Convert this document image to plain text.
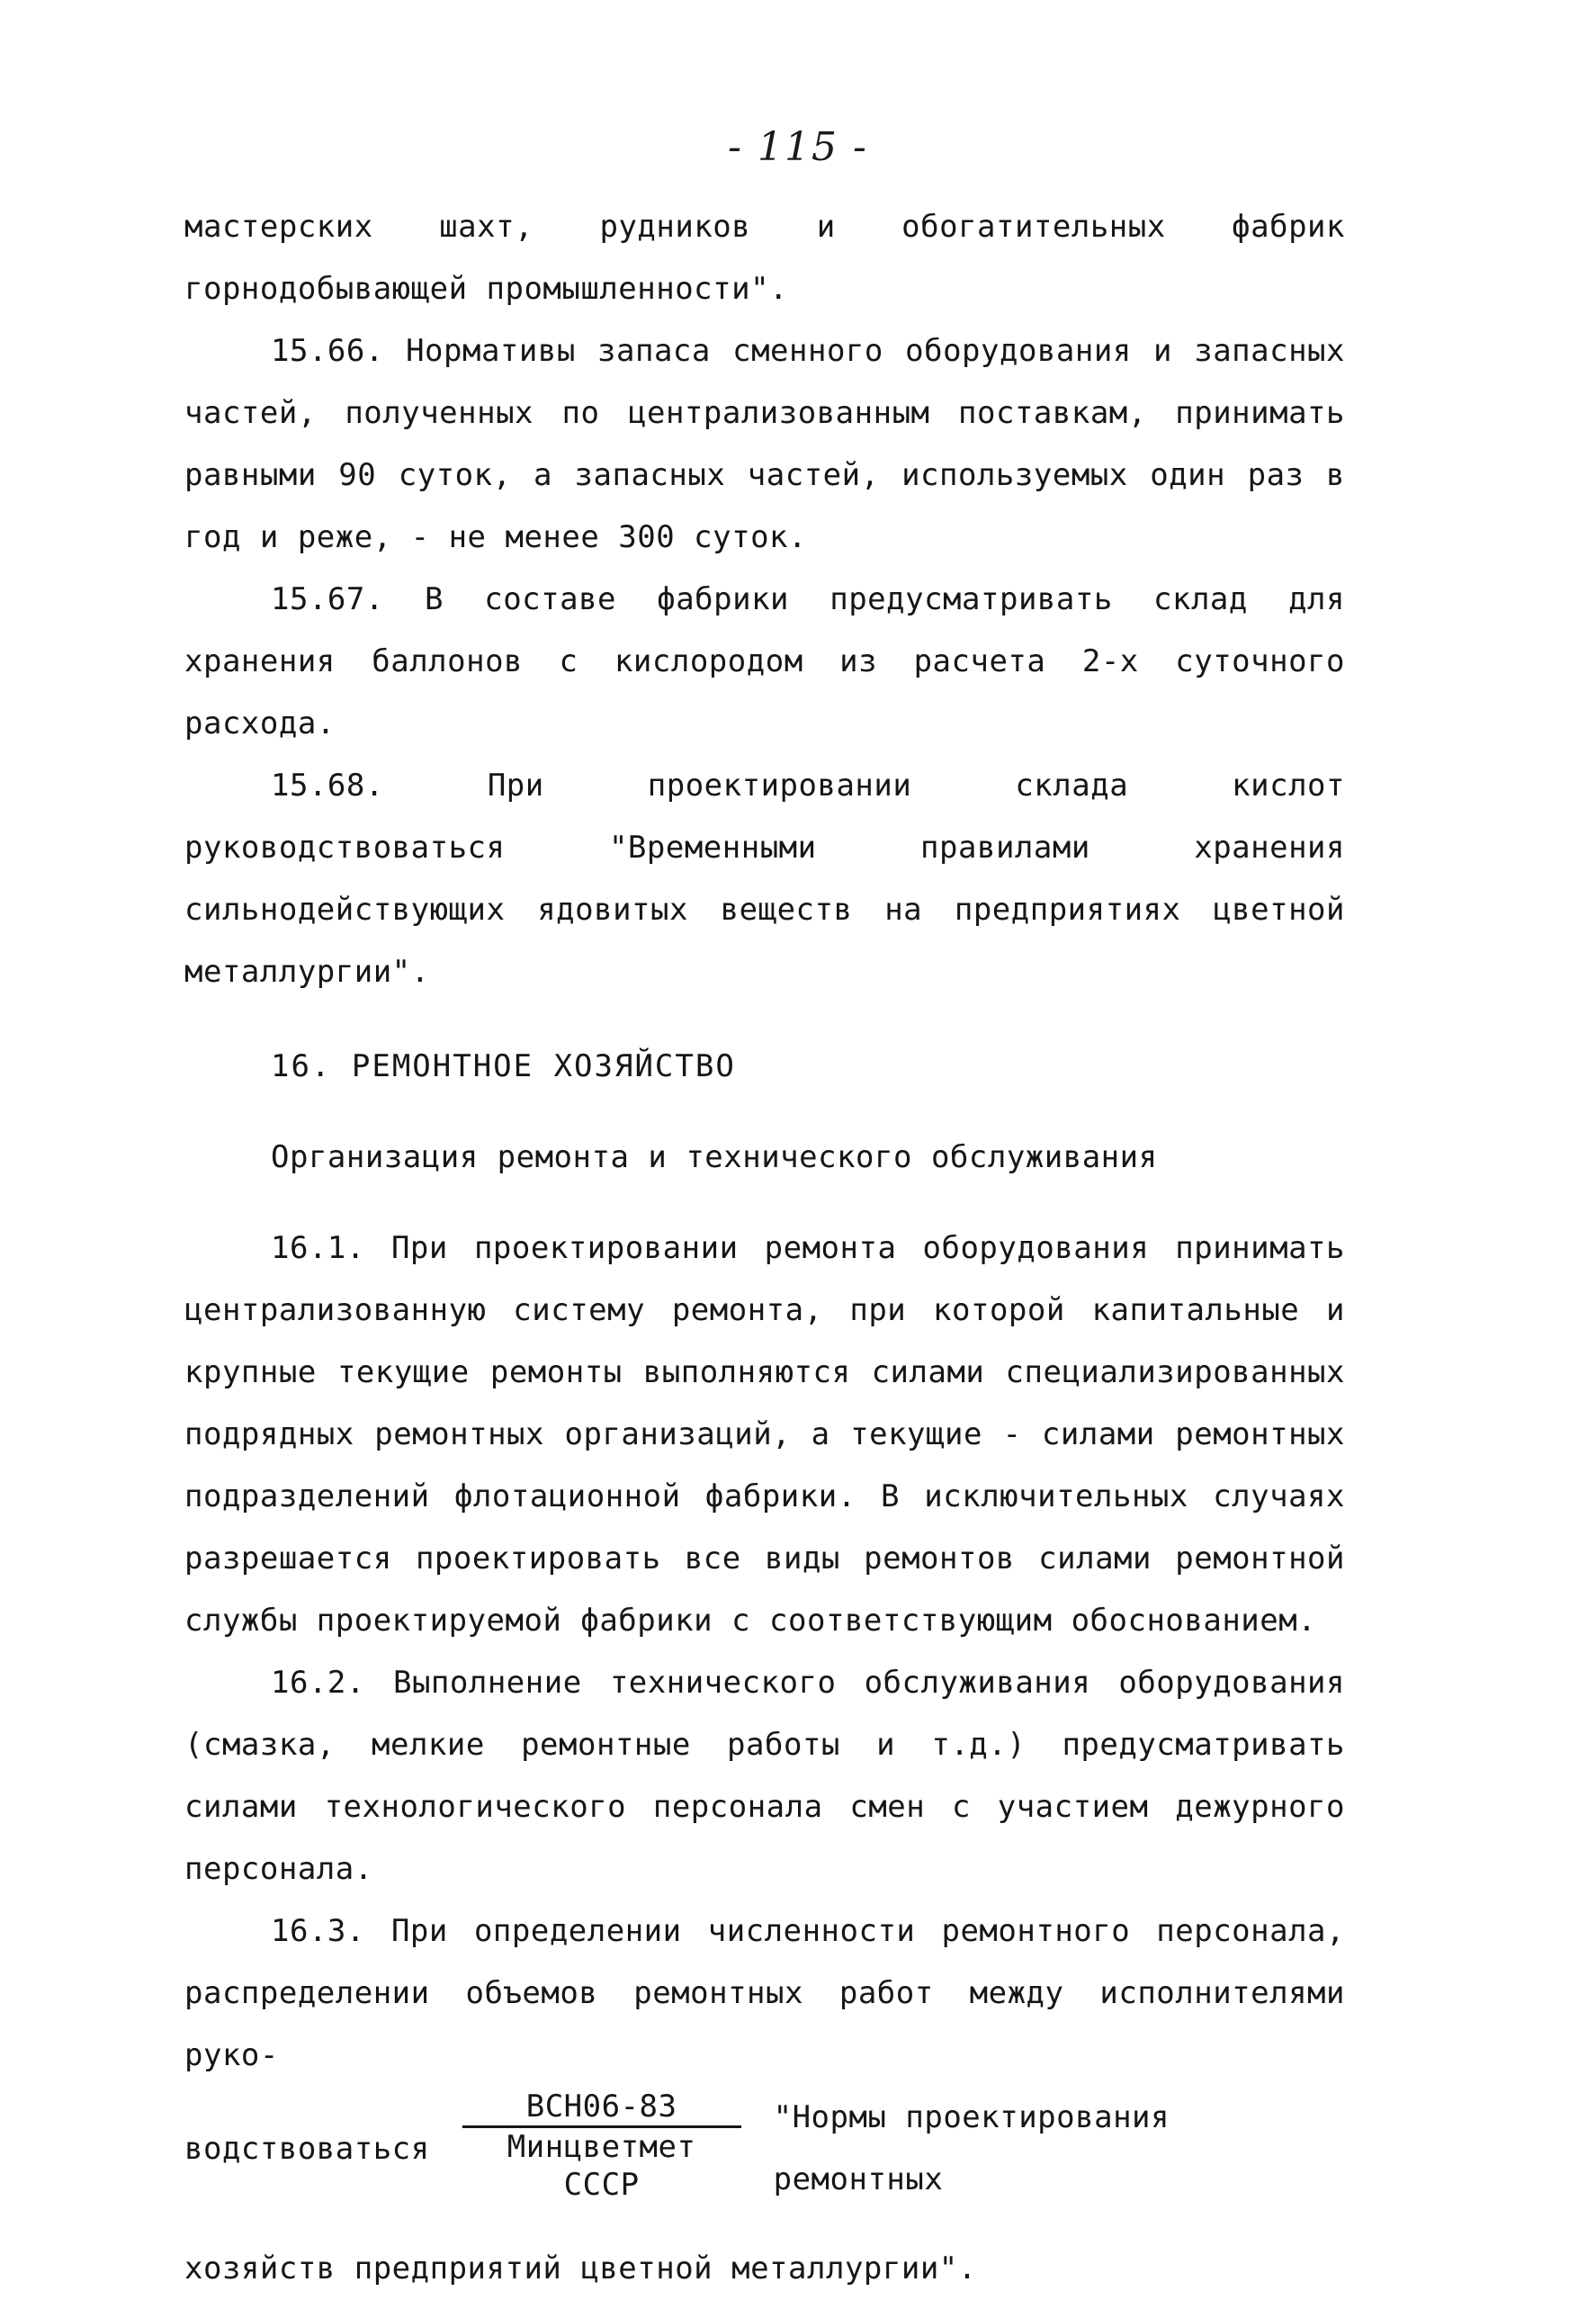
- 115 -

мастерских шахт, рудников и обогатительных фабрик горнодобывающей промышленности".

15.66. Нормативы запаса сменного оборудования и запасных частей, полученных по централизованным поставкам, принимать равными 90 суток, а запасных частей, используемых один раз в год и реже, - не менее 300 суток.

15.67. В составе фабрики предусматривать склад для хранения баллонов с кислородом из расчета 2-х суточного расхода.

15.68. При проектировании склада кислот руководствоваться "Временными правилами хранения сильнодействующих ядовитых веществ на предприятиях цветной металлургии".

16. РЕМОНТНОЕ ХОЗЯЙСТВО

Организация ремонта и технического обслуживания

16.1. При проектировании ремонта оборудования принимать централизованную систему ремонта, при которой капитальные и крупные текущие ремонты выполняются силами специализированных подрядных ремонтных организаций, а текущие - силами ремонтных подразделений флотационной фабрики. В исключительных случаях разрешается проектировать все виды ремонтов силами ремонтной службы проектируемой фабрики с соответствующим обоснованием.

16.2. Выполнение технического обслуживания оборудования (смазка, мелкие ремонтные работы и т.д.) предусматривать силами технологического персонала смен с участием дежурного персонала.

16.3. При определении численности ремонтного персонала, распределении объемов ремонтных работ между исполнителями руко-

водствоваться $\frac{\text{ВСН06-83}}{\text{Минцветмет СССР}}$ "Нормы проектирования ремонтных

хозяйств предприятий цветной металлургии".
